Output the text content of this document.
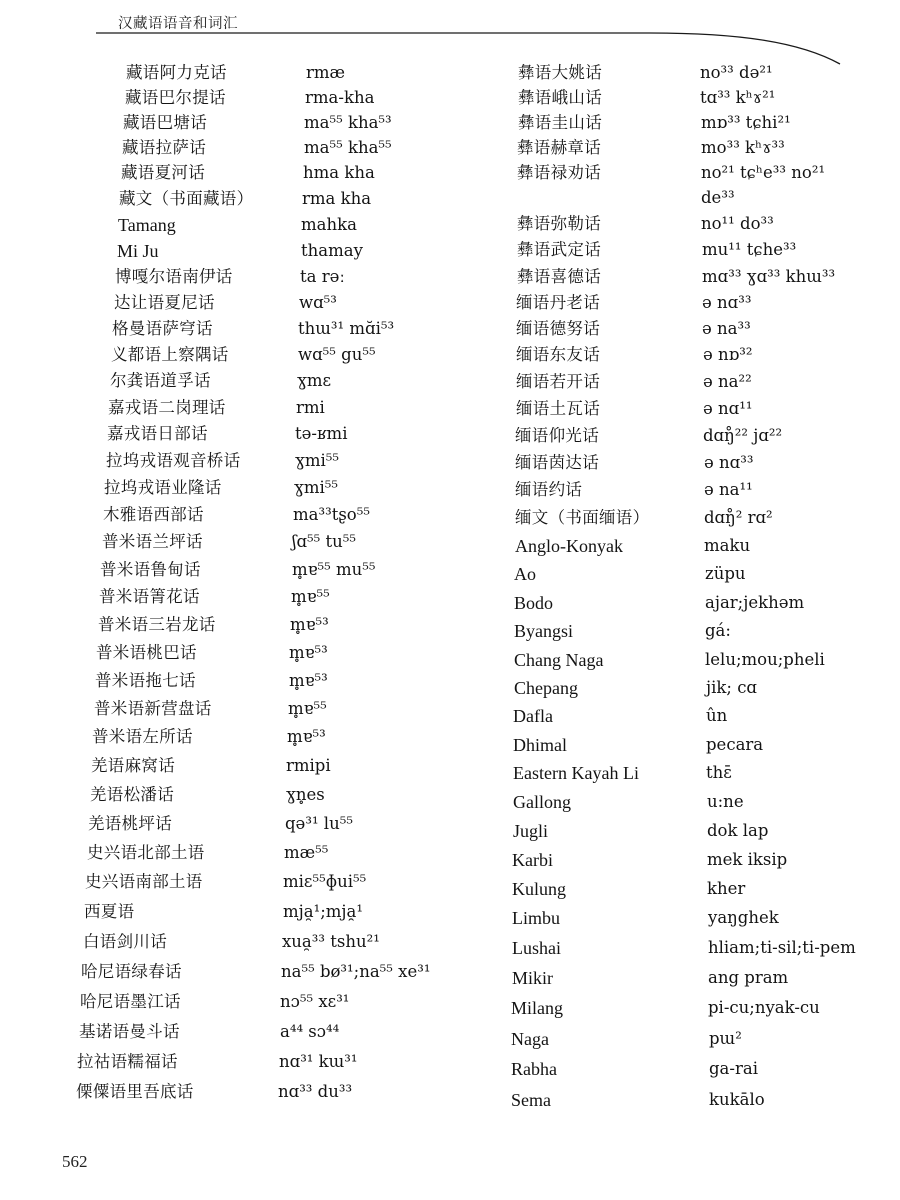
汉藏语语音和词汇
藏语阿力克话	rmæ
藏语巴尔提话	rma-kha
藏语巴塘话	ma⁵⁵ kha⁵³
藏语拉萨话	ma⁵⁵ kha⁵⁵
藏语夏河话	hma kha
藏文（书面藏语）	rma kha
Tamang	mahka
Mi Ju	thamay
博嘎尔语南伊话	ta rəː
达让语夏尼话	wɑ⁵³
格曼语萨穹话	thɯ³¹ mɑ̆i⁵³
义都语上察隅话	wɑ⁵⁵ gu⁵⁵
尔龚语道孚话	ɣmɛ
嘉戎语二岗理话	rmi
嘉戎语日部话	tə-ʁmi
拉坞戎语观音桥话	ɣmi⁵⁵
拉坞戎语业隆话	ɣmi⁵⁵
木雅语西部话	ma³³tʂo⁵⁵
普米语兰坪话	ʃɑ⁵⁵ tu⁵⁵
普米语鲁甸话	m̥ɐ⁵⁵ mu⁵⁵
普米语箐花话	m̥ɐ⁵⁵
普米语三岩龙话	m̥ɐ⁵³
普米语桃巴话	m̥ɐ⁵³
普米语拖七话	m̥ɐ⁵³
普米语新营盘话	m̥ɐ⁵⁵
普米语左所话	m̥ɐ⁵³
羌语麻窝话	rmipi
羌语松潘话	ɣn̥es
羌语桃坪话	qə³¹ lu⁵⁵
史兴语北部土语	mæ⁵⁵
史兴语南部土语	miɛ⁵⁵ɸui⁵⁵
西夏语	mja̯¹;mja̯¹
白语剑川话	xua̯³³ tshu²¹
哈尼语绿春话	na⁵⁵ bø³¹;na⁵⁵ xe³¹
哈尼语墨江话	nɔ⁵⁵ xɛ³¹
基诺语曼斗话	a⁴⁴ sɔ⁴⁴
拉祜语糯福话	nɑ³¹ kɯ³¹
傈僳语里吾底话	nɑ³³ du³³
彝语大姚话	no³³ də²¹
彝语峨山话	tɑ³³ kʰɤ²¹
彝语圭山话	mɒ³³ tɕhi²¹
彝语赫章话	mo³³ kʰɤ³³
彝语禄劝话	no²¹ tɕʰe³³ no²¹
de³³
彝语弥勒话	no¹¹ do³³
彝语武定话	mu¹¹ tɕhe³³
彝语喜德话	mɑ³³ ɣɑ³³ khɯ³³
缅语丹老话	ə nɑ³³
缅语德努话	ə na³³
缅语东友话	ə nɒ³²
缅语若开话	ə na²²
缅语土瓦话	ə nɑ¹¹
缅语仰光话	dɑŋ̊²² jɑ²²
缅语茵达话	ə nɑ³³
缅语约话	ə na¹¹
缅文（书面缅语）	dɑŋ̊² rɑ²
Anglo-Konyak	maku
Ao	züpu
Bodo	ajar;jekhəm
Byangsi	gá:
Chang Naga	lelu;mou;pheli
Chepang	jik; cɑ
Dafla	ûn
Dhimal	pecara
Eastern Kayah Li	thɛ̄
Gallong	u:ne
Jugli	dok lap
Karbi	mek iksip
Kulung	kher
Limbu	yaŋghek
Lushai	hliam;ti-sil;ti-pem
Mikir	ang pram
Milang	pi-cu;nyak-cu
Naga	pɯ²
Rabha	ga-rai
Sema	kukālo
562
